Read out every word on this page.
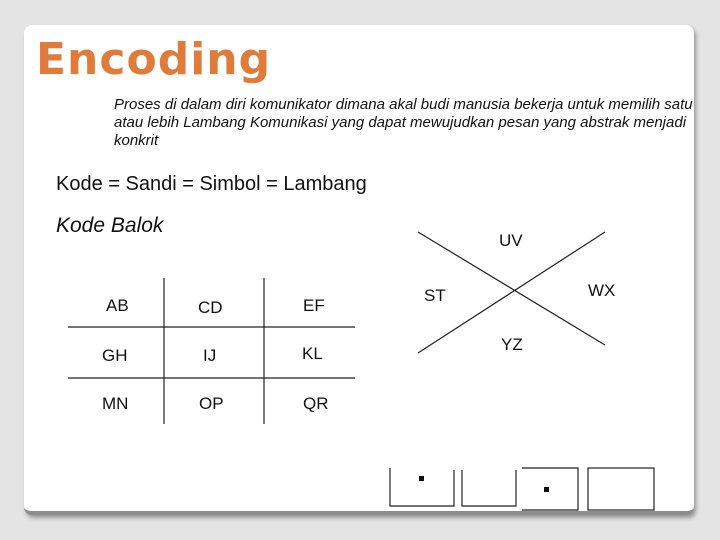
Encoding
Proses di dalam diri komunikator dimana akal budi manusia bekerja untuk memilih satu atau lebih Lambang Komunikasi yang dapat mewujudkan pesan yang abstrak menjadi konkrit
Kode = Sandi = Simbol = Lambang
Kode Balok
AB	CD	EF
GH	IJ	KL
MN	OP	QR
UV
ST	WX
YZ
